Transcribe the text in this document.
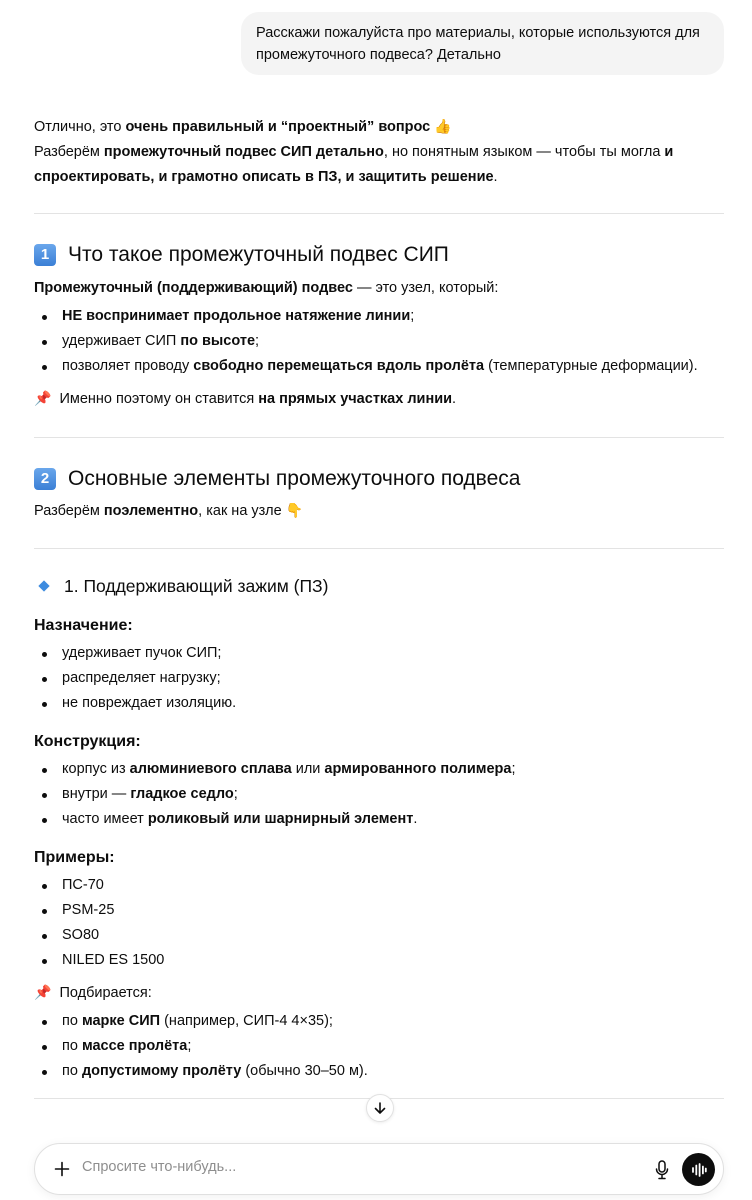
Расскажи пожалуйста про материалы, которые используются для промежуточного подвеса? Детально
Отлично, это очень правильный и “проектный” вопрос 👍
Разберём промежуточный подвес СИП детально, но понятным языком — чтобы ты могла и спроектировать, и грамотно описать в ПЗ, и защитить решение.
1 Что такое промежуточный подвес СИП
Промежуточный (поддерживающий) подвес — это узел, который:
НЕ воспринимает продольное натяжение линии;
удерживает СИП по высоте;
позволяет проводу свободно перемещаться вдоль пролёта (температурные деформации).
📌 Именно поэтому он ставится на прямых участках линии.
2 Основные элементы промежуточного подвеса
Разберём поэлементно, как на узле 👇
1. Поддерживающий зажим (ПЗ)
Назначение:
удерживает пучок СИП;
распределяет нагрузку;
не повреждает изоляцию.
Конструкция:
корпус из алюминиевого сплава или армированного полимера;
внутри — гладкое седло;
часто имеет роликовый или шарнирный элемент.
Примеры:
ПС-70
PSM-25
SO80
NILED ES 1500
📌 Подбирается:
по марке СИП (например, СИП-4 4×35);
по массе пролёта;
по допустимому пролёту (обычно 30–50 м).
Спросите что-нибудь...
